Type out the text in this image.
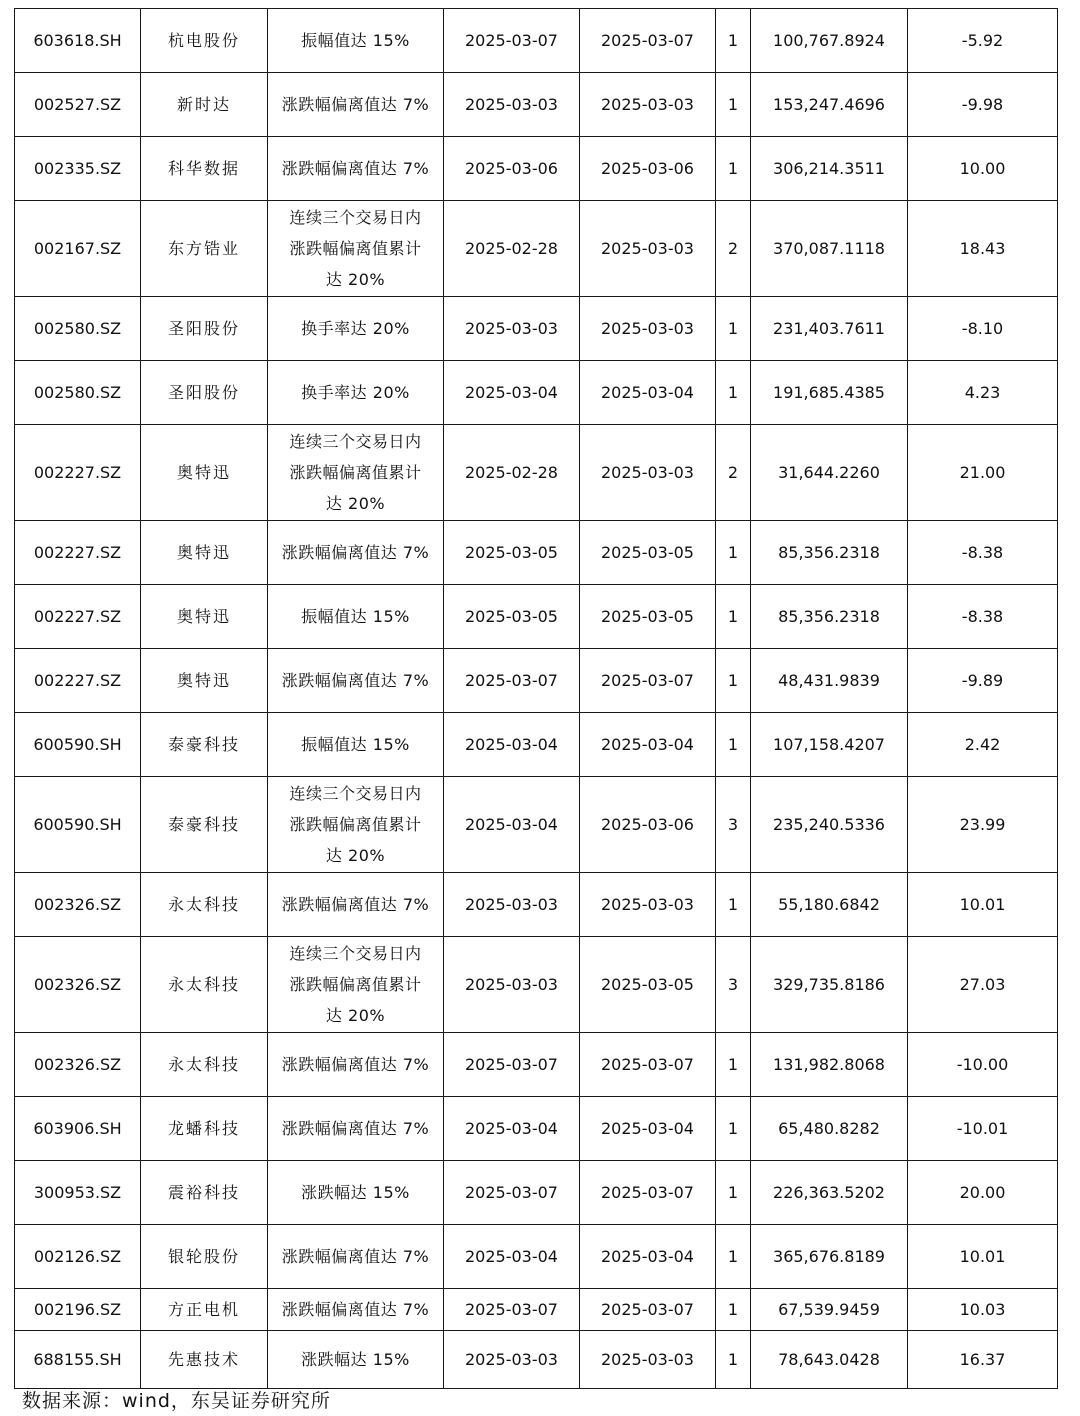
603618.SH	杭电股份	振幅值达 15%	2025-03-07	2025-03-07	1	100,767.8924	-5.92
002527.SZ	新时达	涨跌幅偏离值达 7%	2025-03-03	2025-03-03	1	153,247.4696	-9.98
002335.SZ	科华数据	涨跌幅偏离值达 7%	2025-03-06	2025-03-06	1	306,214.3511	10.00
002167.SZ	东方锆业	连续三个交易日内
涨跌幅偏离值累计
达 20%	2025-02-28	2025-03-03	2	370,087.1118	18.43
002580.SZ	圣阳股份	换手率达 20%	2025-03-03	2025-03-03	1	231,403.7611	-8.10
002580.SZ	圣阳股份	换手率达 20%	2025-03-04	2025-03-04	1	191,685.4385	4.23
002227.SZ	奥特迅	连续三个交易日内
涨跌幅偏离值累计
达 20%	2025-02-28	2025-03-03	2	31,644.2260	21.00
002227.SZ	奥特迅	涨跌幅偏离值达 7%	2025-03-05	2025-03-05	1	85,356.2318	-8.38
002227.SZ	奥特迅	振幅值达 15%	2025-03-05	2025-03-05	1	85,356.2318	-8.38
002227.SZ	奥特迅	涨跌幅偏离值达 7%	2025-03-07	2025-03-07	1	48,431.9839	-9.89
600590.SH	泰豪科技	振幅值达 15%	2025-03-04	2025-03-04	1	107,158.4207	2.42
600590.SH	泰豪科技	连续三个交易日内
涨跌幅偏离值累计
达 20%	2025-03-04	2025-03-06	3	235,240.5336	23.99
002326.SZ	永太科技	涨跌幅偏离值达 7%	2025-03-03	2025-03-03	1	55,180.6842	10.01
002326.SZ	永太科技	连续三个交易日内
涨跌幅偏离值累计
达 20%	2025-03-03	2025-03-05	3	329,735.8186	27.03
002326.SZ	永太科技	涨跌幅偏离值达 7%	2025-03-07	2025-03-07	1	131,982.8068	-10.00
603906.SH	龙蟠科技	涨跌幅偏离值达 7%	2025-03-04	2025-03-04	1	65,480.8282	-10.01
300953.SZ	震裕科技	涨跌幅达 15%	2025-03-07	2025-03-07	1	226,363.5202	20.00
002126.SZ	银轮股份	涨跌幅偏离值达 7%	2025-03-04	2025-03-04	1	365,676.8189	10.01
002196.SZ	方正电机	涨跌幅偏离值达 7%	2025-03-07	2025-03-07	1	67,539.9459	10.03
688155.SH	先惠技术	涨跌幅达 15%	2025-03-03	2025-03-03	1	78,643.0428	16.37
数据来源：wind，东吴证券研究所
